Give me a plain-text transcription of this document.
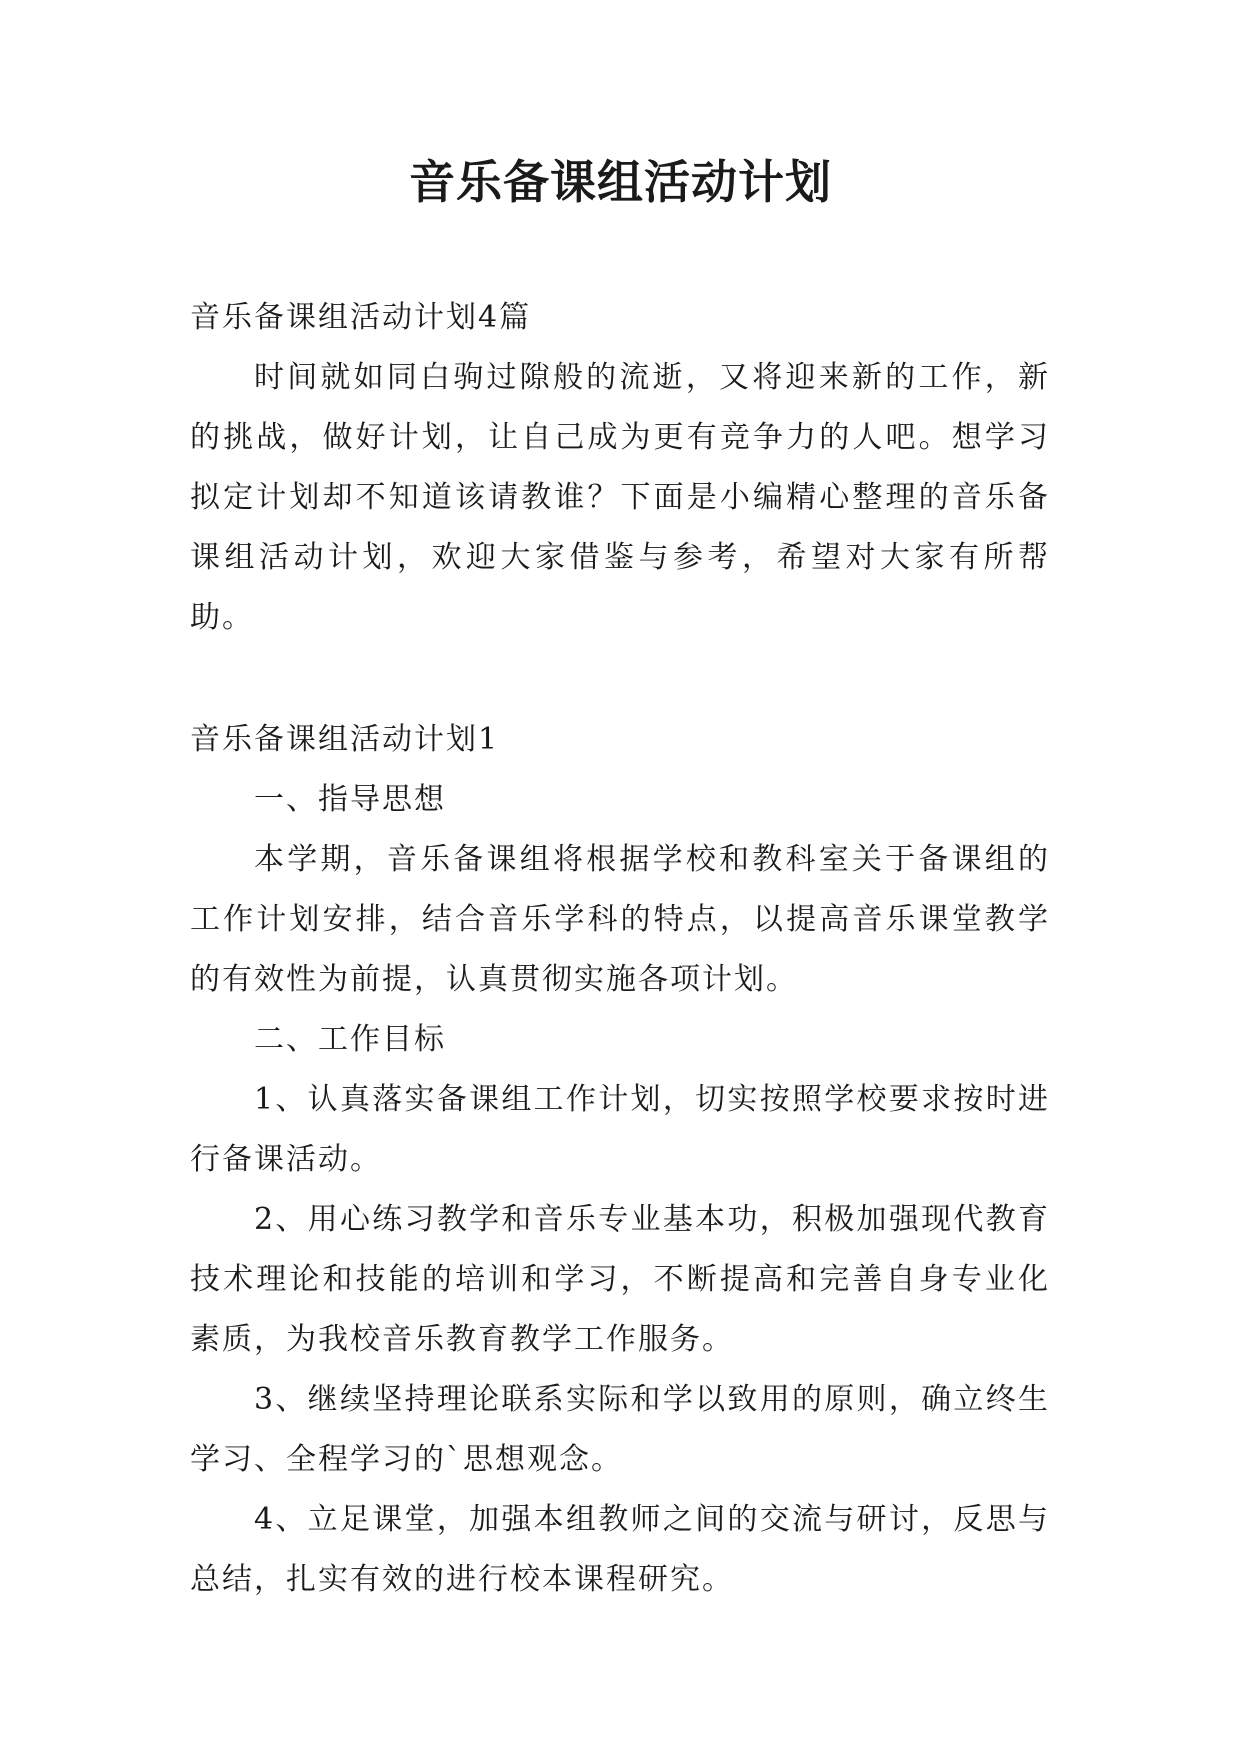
音乐备课组活动计划

音乐备课组活动计划4篇

时间就如同白驹过隙般的流逝，又将迎来新的工作，新的挑战，做好计划，让自己成为更有竞争力的人吧。想学习拟定计划却不知道该请教谁？下面是小编精心整理的音乐备课组活动计划，欢迎大家借鉴与参考，希望对大家有所帮助。

音乐备课组活动计划1

一、指导思想

本学期，音乐备课组将根据学校和教科室关于备课组的工作计划安排，结合音乐学科的特点，以提高音乐课堂教学的有效性为前提，认真贯彻实施各项计划。

二、工作目标

1、认真落实备课组工作计划，切实按照学校要求按时进行备课活动。

2、用心练习教学和音乐专业基本功，积极加强现代教育技术理论和技能的培训和学习，不断提高和完善自身专业化素质，为我校音乐教育教学工作服务。

3、继续坚持理论联系实际和学以致用的原则，确立终生学习、全程学习的`思想观念。

4、立足课堂，加强本组教师之间的交流与研讨，反思与总结，扎实有效的进行校本课程研究。
